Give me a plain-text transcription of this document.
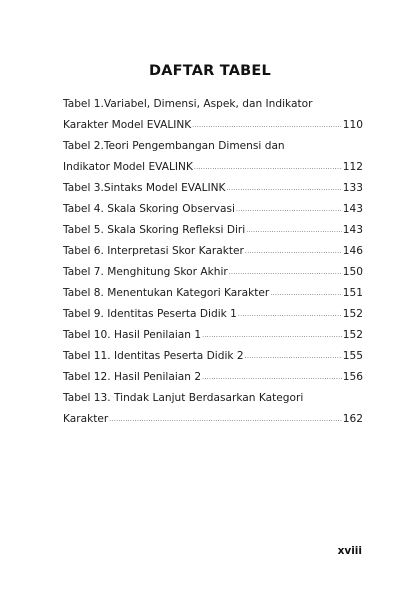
DAFTAR TABEL
Tabel 1.Variabel, Dimensi, Aspek, dan Indikator
Karakter Model EVALINK .....	110
Tabel 2.Teori Pengembangan Dimensi dan
Indikator Model EVALINK .....	112
Tabel 3.Sintaks Model EVALINK .....	133
Tabel 4. Skala Skoring Observasi .....	143
Tabel 5. Skala Skoring Refleksi Diri .....	143
Tabel 6. Interpretasi Skor Karakter .....	146
Tabel 7. Menghitung Skor Akhir .....	150
Tabel 8. Menentukan Kategori Karakter .....	151
Tabel 9. Identitas Peserta Didik 1 .....	152
Tabel 10. Hasil Penilaian 1 .....	152
Tabel 11. Identitas Peserta Didik 2 .....	155
Tabel 12. Hasil Penilaian 2 .....	156
Tabel 13. Tindak Lanjut Berdasarkan Kategori
Karakter .....	162
xviii
